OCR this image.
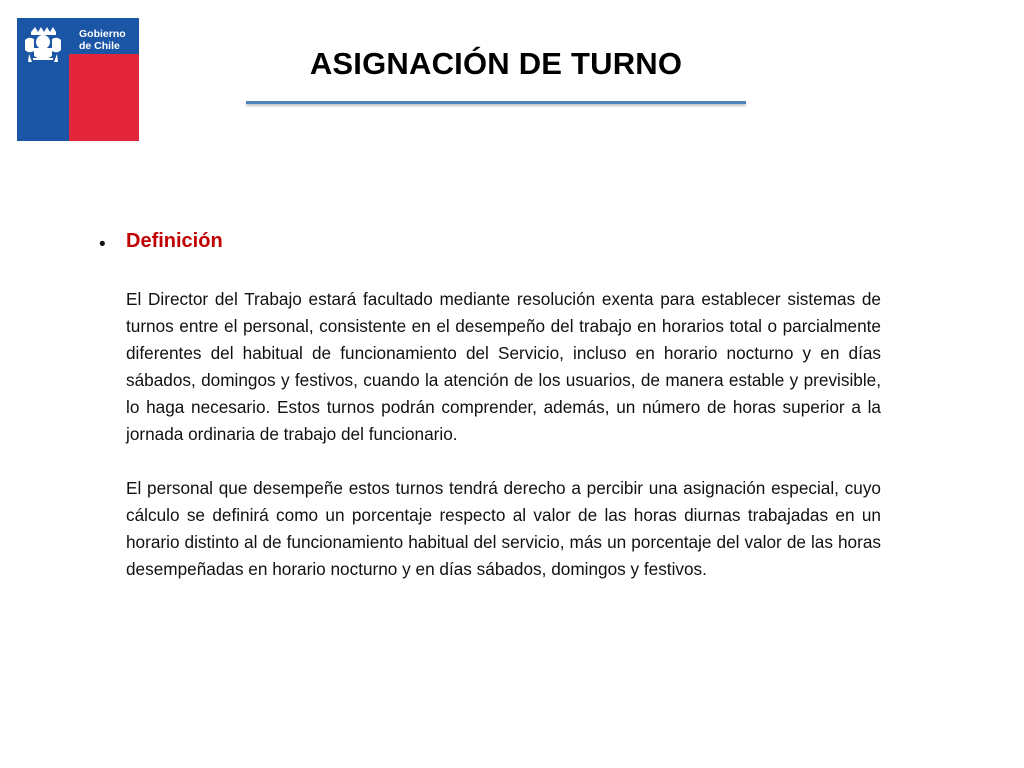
Gobierno
de Chile	ASIGNACIÓN DE TURNO
• Definición

El Director del Trabajo estará facultado mediante resolución exenta para establecer sistemas de turnos entre el personal, consistente en el desempeño del trabajo en horarios total o parcialmente diferentes del habitual de funcionamiento del Servicio, incluso en horario nocturno y en días sábados, domingos y festivos, cuando la atención de los usuarios, de manera estable y previsible, lo haga necesario. Estos turnos podrán comprender, además, un número de horas superior a la jornada ordinaria de trabajo del funcionario.

El personal que desempeñe estos turnos tendrá derecho a percibir una asignación especial, cuyo cálculo se definirá como un porcentaje respecto al valor de las horas diurnas trabajadas en un horario distinto al de funcionamiento habitual del servicio, más un porcentaje del valor de las horas desempeñadas en horario nocturno y en días sábados, domingos y festivos.
